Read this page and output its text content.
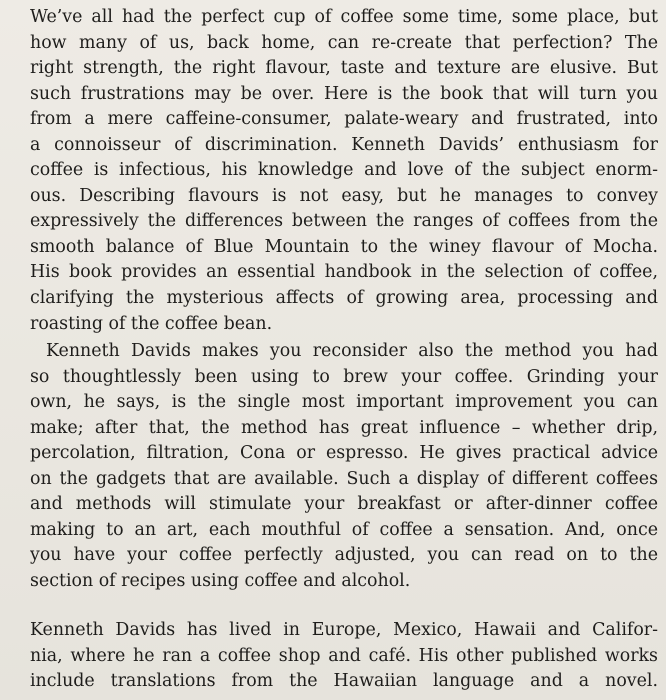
We’ve all had the perfect cup of coffee some time, some place, but
how many of us, back home, can re-create that perfection? The
right strength, the right flavour, taste and texture are elusive. But
such frustrations may be over. Here is the book that will turn you
from a mere caffeine-consumer, palate-weary and frustrated, into
a connoisseur of discrimination. Kenneth Davids’ enthusiasm for
coffee is infectious, his knowledge and love of the subject enorm-
ous. Describing flavours is not easy, but he manages to convey
expressively the differences between the ranges of coffees from the
smooth balance of Blue Mountain to the winey flavour of Mocha.
His book provides an essential handbook in the selection of coffee,
clarifying the mysterious affects of growing area, processing and
roasting of the coffee bean.
Kenneth Davids makes you reconsider also the method you had
so thoughtlessly been using to brew your coffee. Grinding your
own, he says, is the single most important improvement you can
make; after that, the method has great influence – whether drip,
percolation, filtration, Cona or espresso. He gives practical advice
on the gadgets that are available. Such a display of different coffees
and methods will stimulate your breakfast or after-dinner coffee
making to an art, each mouthful of coffee a sensation. And, once
you have your coffee perfectly adjusted, you can read on to the
section of recipes using coffee and alcohol.
Kenneth Davids has lived in Europe, Mexico, Hawaii and Califor-
nia, where he ran a coffee shop and café. His other published works
include translations from the Hawaiian language and a novel.
